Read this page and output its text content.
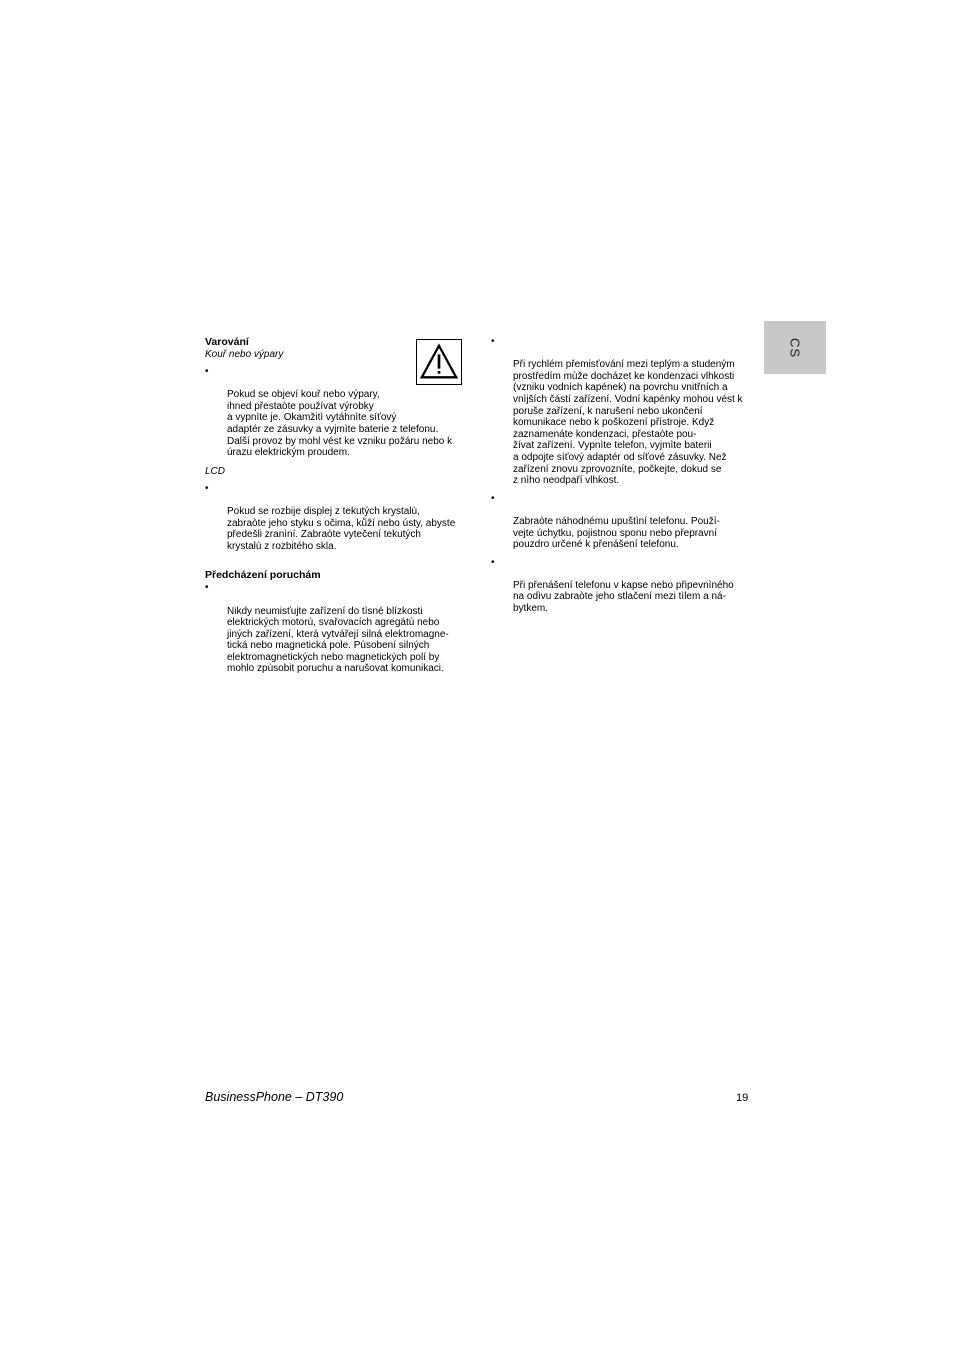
Varování

Kouř nebo výpary

•

Pokud se objeví kouř nebo výpary,
ihned přestaòte používat výrobky
a vypnìte je. Okamžitì vytáhnìte síťový
adaptér ze zásuvky a vyjmìte baterie z telefonu.
Další provoz by mohl vést ke vzniku požáru nebo k
úrazu elektrickým proudem.

LCD

•

Pokud se rozbije displej z tekutých krystalù,
zabraòte jeho styku s očima, kůží nebo ústy, abyste
předešli zranìní. Zabraòte vytečení tekutých
krystalù z rozbitého skla.

Předcházení poruchám

•

Nikdy neumisťujte zařízení do tìsné blízkosti
elektrických motorù, svařovacích agregátù nebo
jiných zařízení, která vytvářejí silná elektromagne-
tická nebo magnetická pole. Pùsobení silných
elektromagnetických nebo magnetických polí by
mohlo zpùsobit poruchu a narušovat komunikaci.

•

Při rychlém přemisťování mezi teplým a studeným
prostředím mùže docházet ke kondenzaci vlhkosti
(vzniku vodních kapének) na povrchu vnitřních a
vnìjších částí zařízení. Vodní kapénky mohou vést k
poruše zařízení, k narušení nebo ukončení
komunikace nebo k poškození přístroje. Když
zaznamenáte kondenzaci, přestaòte pou-
žívat zařízení. Vypnìte telefon, vyjmìte baterii
a odpojte síťový adaptér od síťové zásuvky. Než
zařízení znovu zprovozníte, počkejte, dokud se
z nìho neodpaří vlhkost.

•

Zabraòte náhodnému upuštìní telefonu. Použí-
vejte úchytku, pojistnou sponu nebo přepravní
pouzdro určené k přenášení telefonu.

•

Při přenášení telefonu v kapse nebo připevnìného
na odìvu zabraòte jeho stlačení mezi tìlem a ná-
bytkem.

CS
BusinessPhone – DT390	19
